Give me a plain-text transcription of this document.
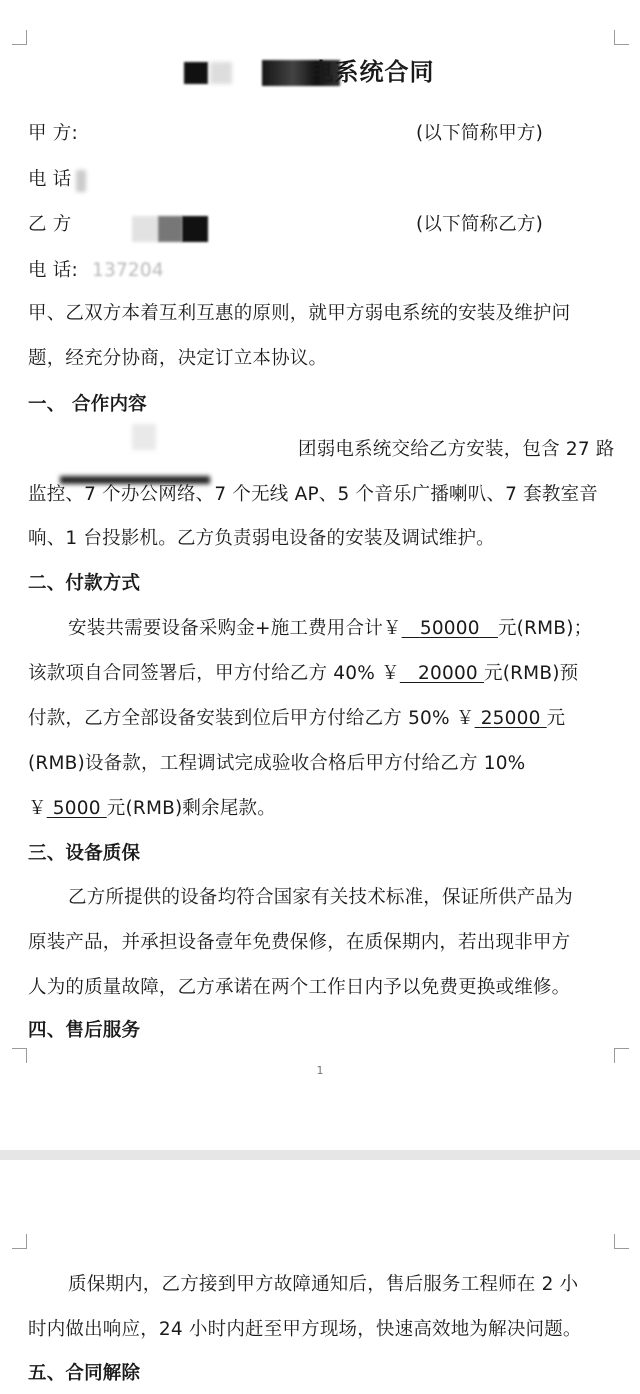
电系统合同
甲 方:	(以下简称甲方)
电 话
乙 方	(以下简称乙方)
电 话: 137204
甲、乙双方本着互利互惠的原则，就甲方弱电系统的安装及维护问
题，经充分协商，决定订立本协议。
一、 合作内容
团弱电系统交给乙方安装，包含 27 路
监控、7 个办公网络、7 个无线 AP、5 个音乐广播喇叭、7 套教室音
响、1 台投影机。乙方负责弱电设备的安装及调试维护。
二、付款方式
安装共需要设备采购金+施工费用合计￥ 50000 元(RMB)；
该款项自合同签署后，甲方付给乙方 40% ￥ 20000 元(RMB)预
付款，乙方全部设备安装到位后甲方付给乙方 50% ￥ 25000 元
(RMB)设备款，工程调试完成验收合格后甲方付给乙方 10%
￥ 5000 元(RMB)剩余尾款。
三、设备质保
乙方所提供的设备均符合国家有关技术标准，保证所供产品为
原装产品，并承担设备壹年免费保修，在质保期内，若出现非甲方
人为的质量故障，乙方承诺在两个工作日内予以免费更换或维修。
四、售后服务
1
质保期内，乙方接到甲方故障通知后，售后服务工程师在 2 小
时内做出响应，24 小时内赶至甲方现场，快速高效地为解决问题。
五、合同解除
